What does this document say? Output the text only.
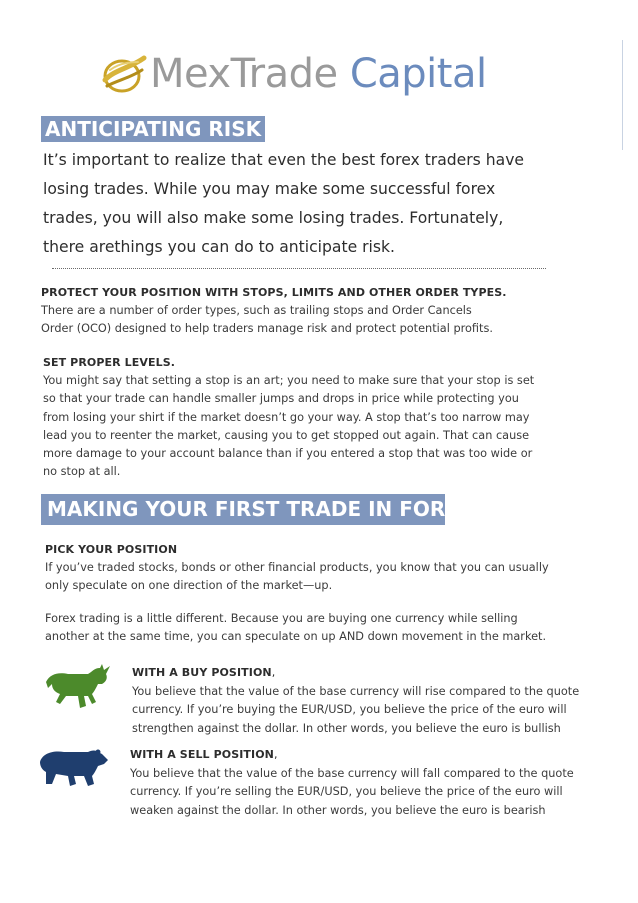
MexTrade Capital
ANTICIPATING RISK
It’s important to realize that even the best forex traders have
losing trades. While you may make some successful forex
trades, you will also make some losing trades. Fortunately,
there arethings you can do to anticipate risk.
PROTECT YOUR POSITION WITH STOPS, LIMITS AND OTHER ORDER TYPES.
There are a number of order types, such as trailing stops and Order Cancels
Order (OCO) designed to help traders manage risk and protect potential profits.
SET PROPER LEVELS.
You might say that setting a stop is an art; you need to make sure that your stop is set
so that your trade can handle smaller jumps and drops in price while protecting you
from losing your shirt if the market doesn’t go your way. A stop that’s too narrow may
lead you to reenter the market, causing you to get stopped out again. That can cause
more damage to your account balance than if you entered a stop that was too wide or
no stop at all.
MAKING YOUR FIRST TRADE IN FOREX
PICK YOUR POSITION
If you’ve traded stocks, bonds or other financial products, you know that you can usually
only speculate on one direction of the market—up.
Forex trading is a little different. Because you are buying one currency while selling
another at the same time, you can speculate on up AND down movement in the market.
WITH A BUY POSITION,
You believe that the value of the base currency will rise compared to the quote
currency. If you’re buying the EUR/USD, you believe the price of the euro will
strengthen against the dollar. In other words, you believe the euro is bullish
WITH A SELL POSITION,
You believe that the value of the base currency will fall compared to the quote
currency. If you’re selling the EUR/USD, you believe the price of the euro will
weaken against the dollar. In other words, you believe the euro is bearish
